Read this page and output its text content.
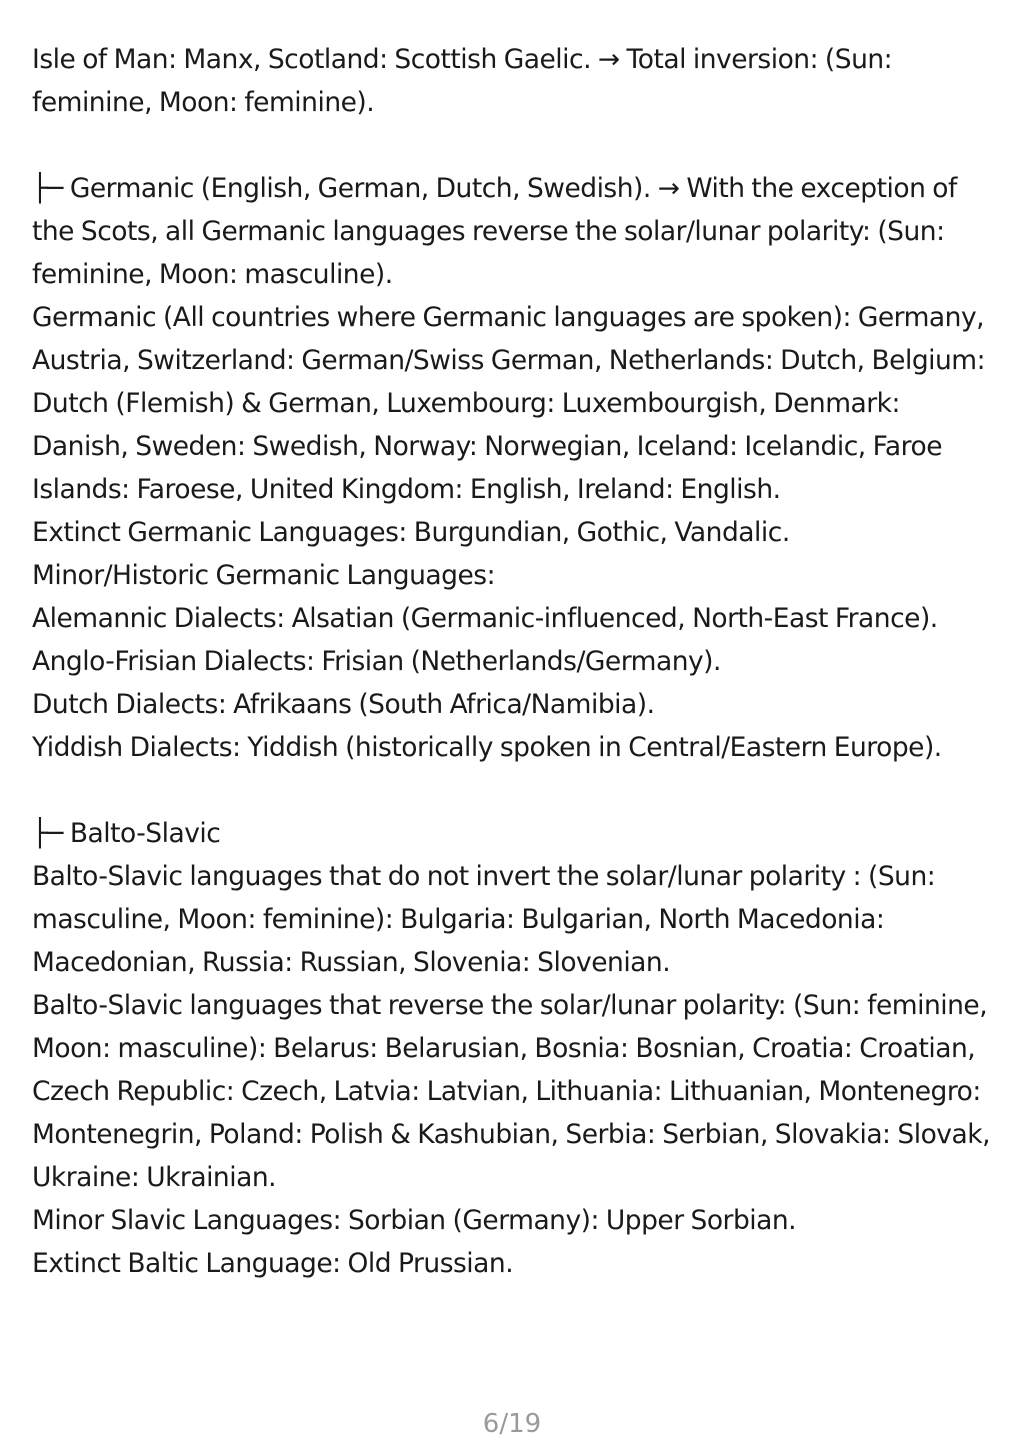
Isle of Man: Manx, Scotland: Scottish Gaelic. → Total inversion: (Sun: feminine, Moon: feminine).

├─ Germanic (English, German, Dutch, Swedish). → With the exception of the Scots, all Germanic languages reverse the solar/lunar polarity: (Sun: feminine, Moon: masculine).

Germanic (All countries where Germanic languages are spoken): Germany, Austria, Switzerland: German/Swiss German, Netherlands: Dutch, Belgium: Dutch (Flemish) & German, Luxembourg: Luxembourgish, Denmark: Danish, Sweden: Swedish, Norway: Norwegian, Iceland: Icelandic, Faroe Islands: Faroese, United Kingdom: English, Ireland: English.

Extinct Germanic Languages: Burgundian, Gothic, Vandalic.

Minor/Historic Germanic Languages:

Alemannic Dialects: Alsatian (Germanic-influenced, North-East France).

Anglo-Frisian Dialects: Frisian (Netherlands/Germany).

Dutch Dialects: Afrikaans (South Africa/Namibia).

Yiddish Dialects: Yiddish (historically spoken in Central/Eastern Europe).

├─ Balto-Slavic

Balto-Slavic languages that do not invert the solar/lunar polarity : (Sun: masculine, Moon: feminine): Bulgaria: Bulgarian, North Macedonia: Macedonian, Russia: Russian, Slovenia: Slovenian.

Balto-Slavic languages that reverse the solar/lunar polarity: (Sun: feminine, Moon: masculine): Belarus: Belarusian, Bosnia: Bosnian, Croatia: Croatian, Czech Republic: Czech, Latvia: Latvian, Lithuania: Lithuanian, Montenegro: Montenegrin, Poland: Polish & Kashubian, Serbia: Serbian, Slovakia: Slovak, Ukraine: Ukrainian.

Minor Slavic Languages: Sorbian (Germany): Upper Sorbian.

Extinct Baltic Language: Old Prussian.

6/19
